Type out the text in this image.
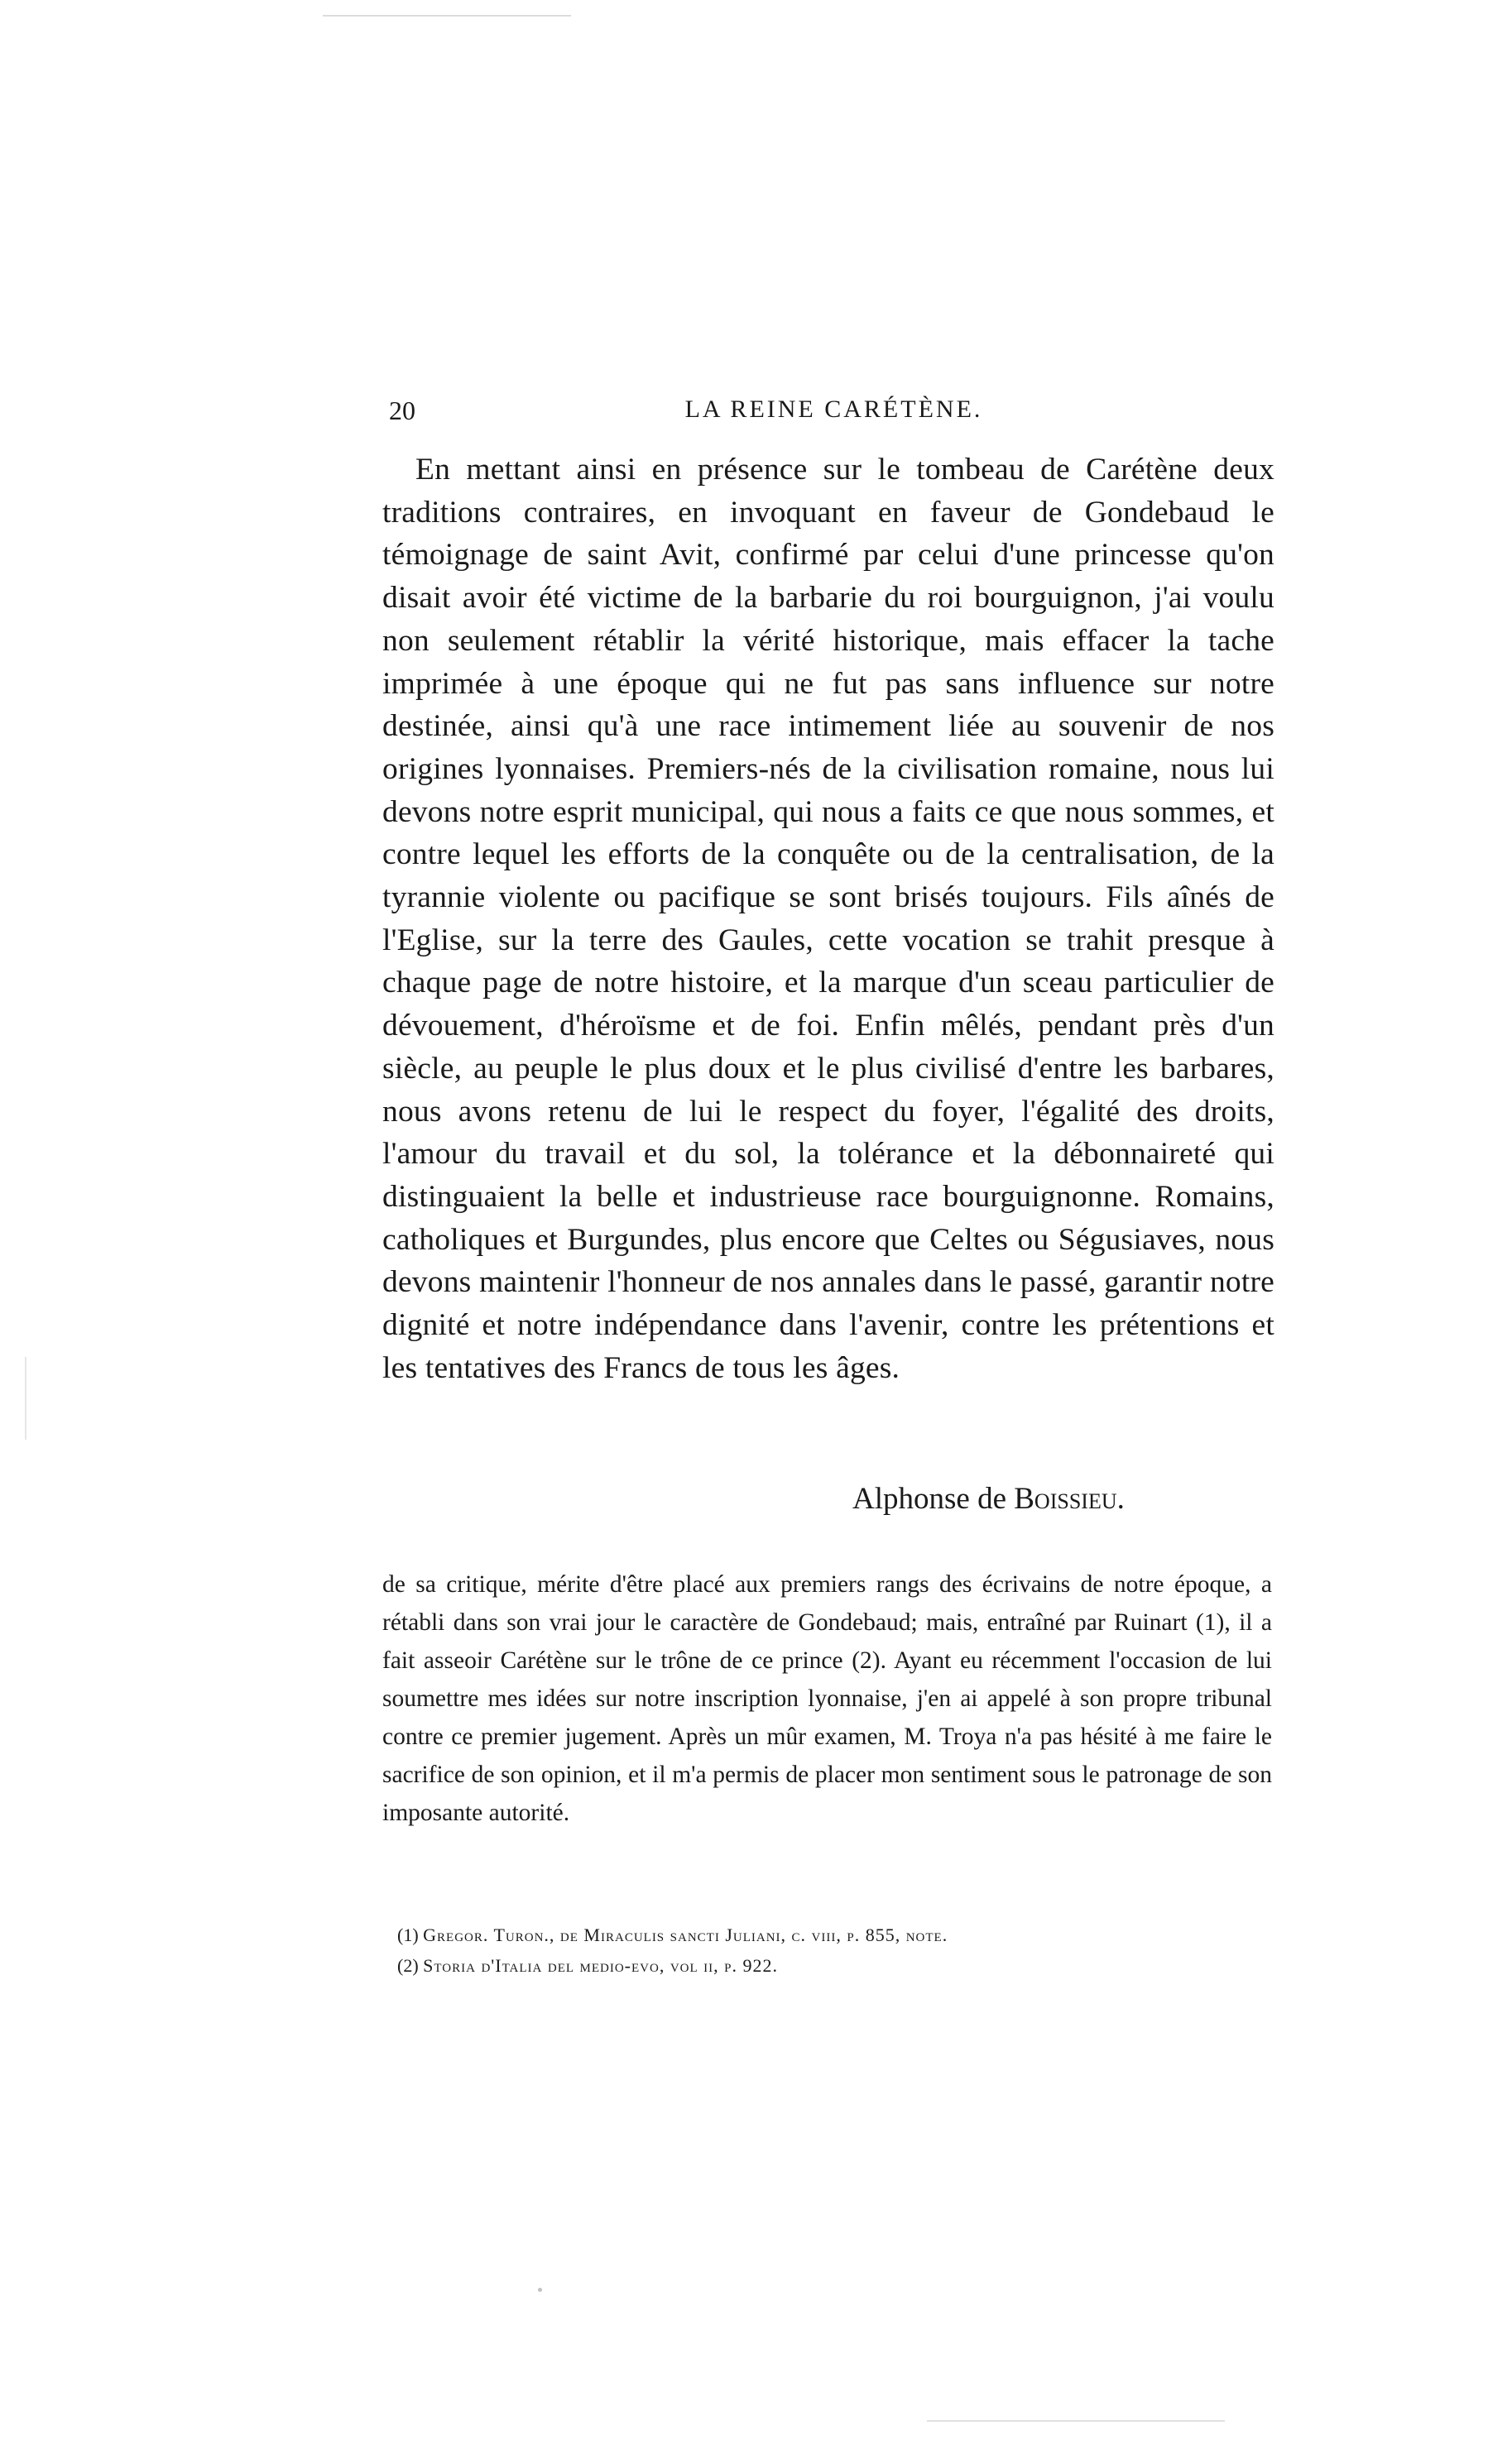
20	LA REINE CARÉTÈNE.

En mettant ainsi en présence sur le tombeau de Carétène deux traditions contraires, en invoquant en faveur de Gondebaud le témoignage de saint Avit, confirmé par celui d'une princesse qu'on disait avoir été victime de la barbarie du roi bourguignon, j'ai voulu non seulement rétablir la vérité historique, mais effacer la tache imprimée à une époque qui ne fut pas sans influence sur notre destinée, ainsi qu'à une race intimement liée au souvenir de nos origines lyonnaises. Premiers-nés de la civilisation romaine, nous lui devons notre esprit municipal, qui nous a faits ce que nous sommes, et contre lequel les efforts de la conquête ou de la centralisation, de la tyrannie violente ou pacifique se sont brisés toujours. Fils aînés de l'Eglise, sur la terre des Gaules, cette vocation se trahit presque à chaque page de notre histoire, et la marque d'un sceau particulier de dévouement, d'héroïsme et de foi. Enfin mêlés, pendant près d'un siècle, au peuple le plus doux et le plus civilisé d'entre les barbares, nous avons retenu de lui le respect du foyer, l'égalité des droits, l'amour du travail et du sol, la tolérance et la débonnaireté qui distinguaient la belle et industrieuse race bourguignonne. Romains, catholiques et Burgundes, plus encore que Celtes ou Ségusiaves, nous devons maintenir l'honneur de nos annales dans le passé, garantir notre dignité et notre indépendance dans l'avenir, contre les prétentions et les tentatives des Francs de tous les âges.

Alphonse de Boissieu.

de sa critique, mérite d'être placé aux premiers rangs des écrivains de notre époque, a rétabli dans son vrai jour le caractère de Gondebaud; mais, entraîné par Ruinart (1), il a fait asseoir Carétène sur le trône de ce prince (2). Ayant eu récemment l'occasion de lui soumettre mes idées sur notre inscription lyonnaise, j'en ai appelé à son propre tribunal contre ce premier jugement. Après un mûr examen, M. Troya n'a pas hésité à me faire le sacrifice de son opinion, et il m'a permis de placer mon sentiment sous le patronage de son imposante autorité.

(1) Gregor. Turon., de Miraculis sancti Juliani, c. viii, p. 855, note.
(2) Storia d'Italia del medio-evo, vol ii, p. 922.
